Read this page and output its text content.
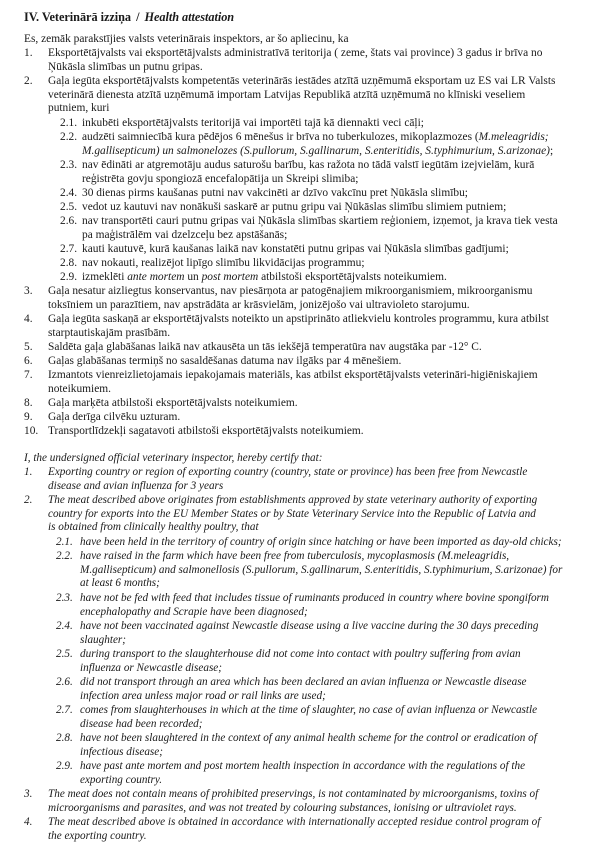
IV. Veterinārā izziņa / Health attestation
Es, zemāk parakstījies valsts veterinārais inspektors, ar šo apliecinu, ka
1.	Eksportētājvalsts vai eksportētājvalsts administratīvā teritorija ( zeme, štats vai province) 3 gadus ir brīva no
Ņūkāsla slimības un putnu gripas.
2.	Gaļa iegūta eksportētājvalsts kompetentās veterinārās iestādes atzītā uzņēmumā eksportam uz ES vai LR Valsts
veterinārā dienesta atzītā uzņēmumā importam Latvijas Republikā atzītā uzņēmumā no klīniski veseliem
putniem, kuri
2.1. inkubēti eksportētājvalsts teritorijā vai importēti tajā kā diennakti veci cāļi;
2.2. audzēti saimniecībā kura pēdējos 6 mēnešus ir brīva no tuberkulozes, mikoplazmozes (M.meleagridis;
M.gallisepticum) un salmonelozes (S.pullorum, S.gallinarum, S.enteritidis, S.typhimurium, S.arizonae);
2.3. nav ēdināti ar atgremotāju audus saturošu barību, kas ražota no tādā valstī iegūtām izejvielām, kurā
reģistrēta govju spongiozā encefalopātija un Skreipi slimiba;
2.4. 30 dienas pirms kaušanas putni nav vakcinēti ar dzīvo vakcīnu pret Ņūkāsla slimību;
2.5. vedot uz kautuvi nav nonākuši saskarē ar putnu gripu vai Ņūkāslas slimību slimiem putniem;
2.6. nav transportēti cauri putnu gripas vai Ņūkāsla slimības skartiem reģioniem, izņemot, ja krava tiek vesta
pa maģistrālēm vai dzelzceļu bez apstāšanās;
2.7. kauti kautuvē, kurā kaušanas laikā nav konstatēti putnu gripas vai Ņūkāsla slimības gadījumi;
2.8. nav nokauti, realizējot lipīgo slimību likvidācijas programmu;
2.9. izmeklēti ante mortem un post mortem atbilstoši eksportētājvalsts noteikumiem.
3.	Gaļa nesatur aizliegtus konservantus, nav piesārņota ar patogēnajiem mikroorganismiem, mikroorganismu
toksīniem un parazītiem, nav apstrādāta ar krāsvielām, jonizējošo vai ultravioleto starojumu.
4.	Gaļa iegūta saskaņā ar eksportētājvalsts noteikto un apstiprināto atliekvielu kontroles programmu, kura atbilst
starptautiskajām prasībām.
5.	Saldēta gaļa glabāšanas laikā nav atkausēta un tās iekšējā temperatūra nav augstāka par -12° C.
6.	Gaļas glabāšanas termiņš no sasaldēšanas datuma nav ilgāks par 4 mēnešiem.
7.	Izmantots vienreizlietojamais iepakojamais materiāls, kas atbilst eksportētājvalsts veterināri-higiēniskajiem
noteikumiem.
8.	Gaļa marķēta atbilstoši eksportētājvalsts noteikumiem.
9.	Gaļa derīga cilvēku uzturam.
10. Transportlīdzekļi sagatavoti atbilstoši eksportētājvalsts noteikumiem.
I, the undersigned official veterinary inspector, hereby certify that:
1.	Exporting country or region of exporting country (country, state or province) has been free from Newcastle
disease and avian influenza for 3 years
2.	The meat described above originates from establishments approved by state veterinary authority of exporting
country for exports into the EU Member States or by State Veterinary Service into the Republic of Latvia and
is obtained from clinically healthy poultry, that
2.1. have been held in the territory of country of origin since hatching or have been imported as day-old chicks;
2.2. have raised in the farm which have been free from tuberculosis, mycoplasmosis (M.meleagridis,
M.gallisepticum) and salmonellosis (S.pullorum, S.gallinarum, S.enteritidis, S.typhimurium, S.arizonae) for
at least 6 months;
2.3. have not be fed with feed that includes tissue of ruminants produced in country where bovine spongiform
encephalopathy and Scrapie have been diagnosed;
2.4. have not been vaccinated against Newcastle disease using a live vaccine during the 30 days preceding
slaughter;
2.5. during transport to the slaughterhouse did not come into contact with poultry suffering from avian
influenza or Newcastle disease;
2.6. did not transport through an area which has been declared an avian influenza or Newcastle disease
infection area unless major road or rail links are used;
2.7. comes from slaughterhouses in which at the time of slaughter, no case of avian influenza or Newcastle
disease had been recorded;
2.8. have not been slaughtered in the context of any animal health scheme for the control or eradication of
infectious disease;
2.9. have past ante mortem and post mortem health inspection in accordance with the regulations of the
exporting country.
3.	The meat does not contain means of prohibited preservings, is not contaminated by microorganisms, toxins of
microorganisms and parasites, and was not treated by colouring substances, ionising or ultraviolet rays.
4.	The meat described above is obtained in accordance with internationally accepted residue control program of
the exporting country.
